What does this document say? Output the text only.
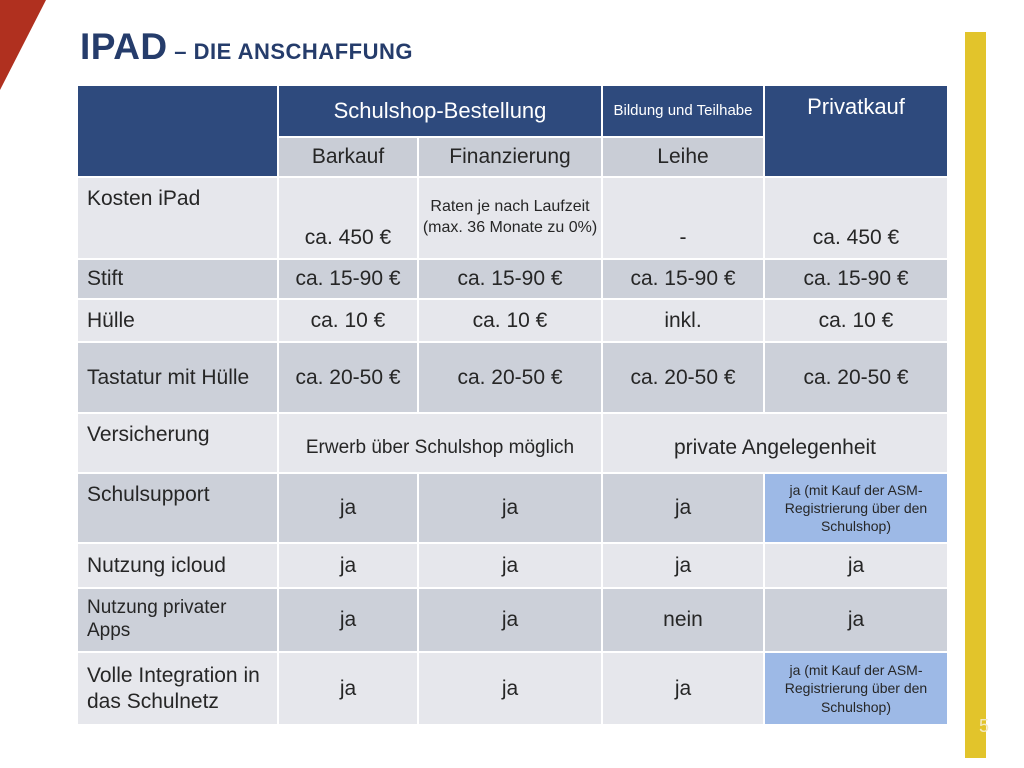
IPAD – DIE ANSCHAFFUNG
	Schulshop-Bestellung		Bildung und Teilhabe	Privatkauf
	Barkauf	Finanzierung	Leihe	
Kosten iPad	ca. 450 €	Raten je nach Laufzeit (max. 36 Monate zu 0%)	-	ca. 450 €
Stift	ca. 15-90 €	ca. 15-90 €	ca. 15-90 €	ca. 15-90 €
Hülle	ca. 10 €	ca. 10 €	inkl.	ca. 10 €
Tastatur mit Hülle	ca. 20-50 €	ca. 20-50 €	ca. 20-50 €	ca. 20-50 €
Versicherung	Erwerb über Schulshop möglich		private Angelegenheit	
Schulsupport	ja	ja	ja	ja (mit Kauf der ASM-Registrierung über den Schulshop)
Nutzung icloud	ja	ja	ja	ja
Nutzung privater Apps	ja	ja	nein	ja
Volle Integration in das Schulnetz	ja	ja	ja	ja (mit Kauf der ASM-Registrierung über den Schulshop)
5
